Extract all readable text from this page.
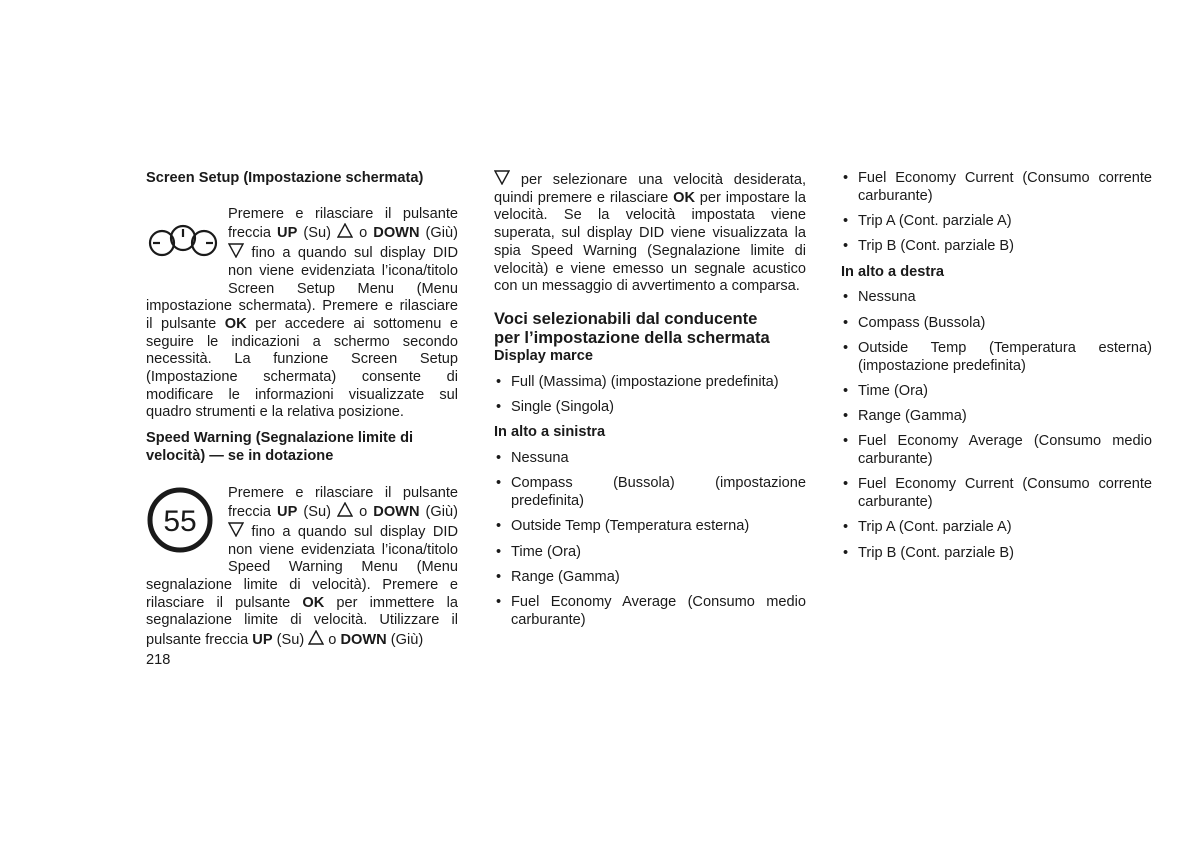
Screen Setup (Impostazione schermata)
Premere e rilasciare il pulsante freccia UP (Su)  o DOWN (Giù)  fino a quando sul display DID non viene evidenziata l’icona/titolo Screen Setup Menu (Menu impostazione schermata). Premere e rilasciare il pulsante OK per accedere ai sottomenu e seguire le indicazioni a schermo secondo necessità. La funzione Screen Setup (Impostazione schermata) consente di modificare le informazioni visualizzate sul quadro strumenti e la relativa posizione.
Speed Warning (Segnalazione limite di velocità) — se in dotazione
55
Premere e rilasciare il pulsante freccia UP (Su)  o DOWN (Giù)  fino a quando sul display DID non viene evidenziata l’icona/titolo Speed Warning Menu (Menu segnalazione limite di velocità). Premere e rilasciare il pulsante OK per immettere la segnalazione limite di velocità. Utilizzare il pulsante freccia UP (Su)  o DOWN (Giù)
per selezionare una velocità desiderata, quindi premere e rilasciare OK per impostare la velocità. Se la velocità impostata viene superata, sul display DID viene visualizzata la spia Speed Warning (Segnalazione limite di velocità) e viene emesso un segnale acustico con un messaggio di avvertimento a comparsa.
Voci selezionabili dal conducente
per l’impostazione della schermata
Display marce
• Full (Massima) (impostazione predefinita)
• Single (Singola)
In alto a sinistra
• Nessuna
• Compass (Bussola) (impostazione predefinita)
• Outside Temp (Temperatura esterna)
• Time (Ora)
• Range (Gamma)
• Fuel Economy Average (Consumo medio carburante)
• Fuel Economy Current (Consumo corrente carburante)
• Trip A (Cont. parziale A)
• Trip B (Cont. parziale B)
In alto a destra
• Nessuna
• Compass (Bussola)
• Outside Temp (Temperatura esterna) (impostazione predefinita)
• Time (Ora)
• Range (Gamma)
• Fuel Economy Average (Consumo medio carburante)
• Fuel Economy Current (Consumo corrente carburante)
• Trip A (Cont. parziale A)
• Trip B (Cont. parziale B)
218
